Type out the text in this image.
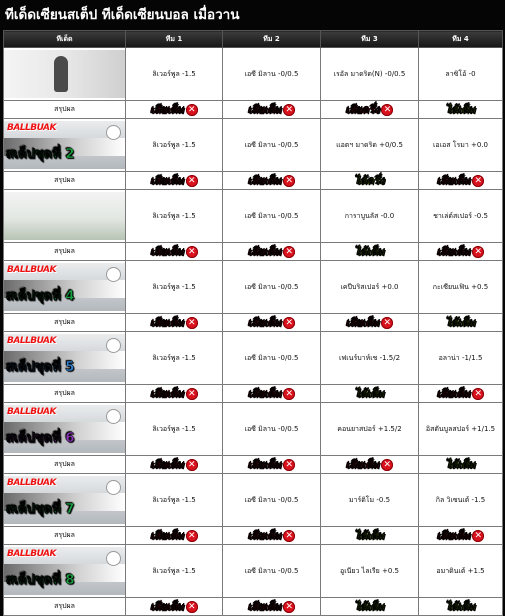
ทีเด็ดเซียนสเต็ป ทีเด็ดเซียนบอล เมื่อวาน
ทีเด็ด	ทีม 1	ทีม 2	ทีม 3	ทีม 4

	ลิเวอร์พูล -1.5	เอซี มิลาน -0/0.5	เรอัล มาดริด(N) -0/0.5	ลาซิโอ้ -0
สรุปผล	เสียเต็ม ✕	เสียเต็ม ✕	เสียครึ่ง ✕	ได้เต็ม

BALLBUAK
สเต็ปชุดที่ 2	ลิเวอร์พูล -1.5	เอซี มิลาน -0/0.5	แอตฯ มาดริด +0/0.5	เอเอส โรมา +0.0
สรุปผล	เสียเต็ม ✕	เสียเต็ม ✕	ได้ครึ่ง	เสียเต็ม ✕

	ลิเวอร์พูล -1.5	เอซี มิลาน -0/0.5	การาบูนลัส -0.0	ชาเล่ต์สเปอร์ -0.5
สรุปผล	เสียเต็ม ✕	เสียเต็ม ✕	ได้เต็ม	เสียเต็ม ✕

BALLBUAK
สเต็ปชุดที่ 4	ลิเวอร์พูล -1.5	เอซี มิลาน -0/0.5	เคปีบริสเปอร์ +0.0	กะเซียนเฟิน +0.5
สรุปผล	เสียเต็ม ✕	เสียเต็ม ✕	เสียเต็ม ✕	ได้เต็ม

BALLBUAK
สเต็ปชุดที่ 5	ลิเวอร์พูล -1.5	เอซี มิลาน -0/0.5	เฟเนร์บาห์เช -1.5/2	อลาน่า -1/1.5
สรุปผล	เสียเต็ม ✕	เสียเต็ม ✕	ได้เต็ม	เสียเต็ม ✕

BALLBUAK
สเต็ปชุดที่ 6	ลิเวอร์พูล -1.5	เอซี มิลาน -0/0.5	คอนยาสปอร์ +1.5/2	อิสตันบูลสปอร์ +1/1.5
สรุปผล	เสียเต็ม ✕	เสียเต็ม ✕	เสียเต็ม ✕	ได้เต็ม

BALLBUAK
สเต็ปชุดที่ 7	ลิเวอร์พูล -1.5	เอซี มิลาน -0/0.5	มาร์ติโม -0.5	กิล วิเซนเต้ -1.5
สรุปผล	เสียเต็ม ✕	เสียเต็ม ✕	ได้เต็ม	เสียเต็ม ✕

BALLBUAK
สเต็ปชุดที่ 8	ลิเวอร์พูล -1.5	เอซี มิลาน -0/0.5	อูเนียว ไลเรีย +0.5	อมาดินเต้ +1.5
สรุปผล	เสียเต็ม ✕	เสียเต็ม ✕	ได้เต็ม	ได้เต็ม
